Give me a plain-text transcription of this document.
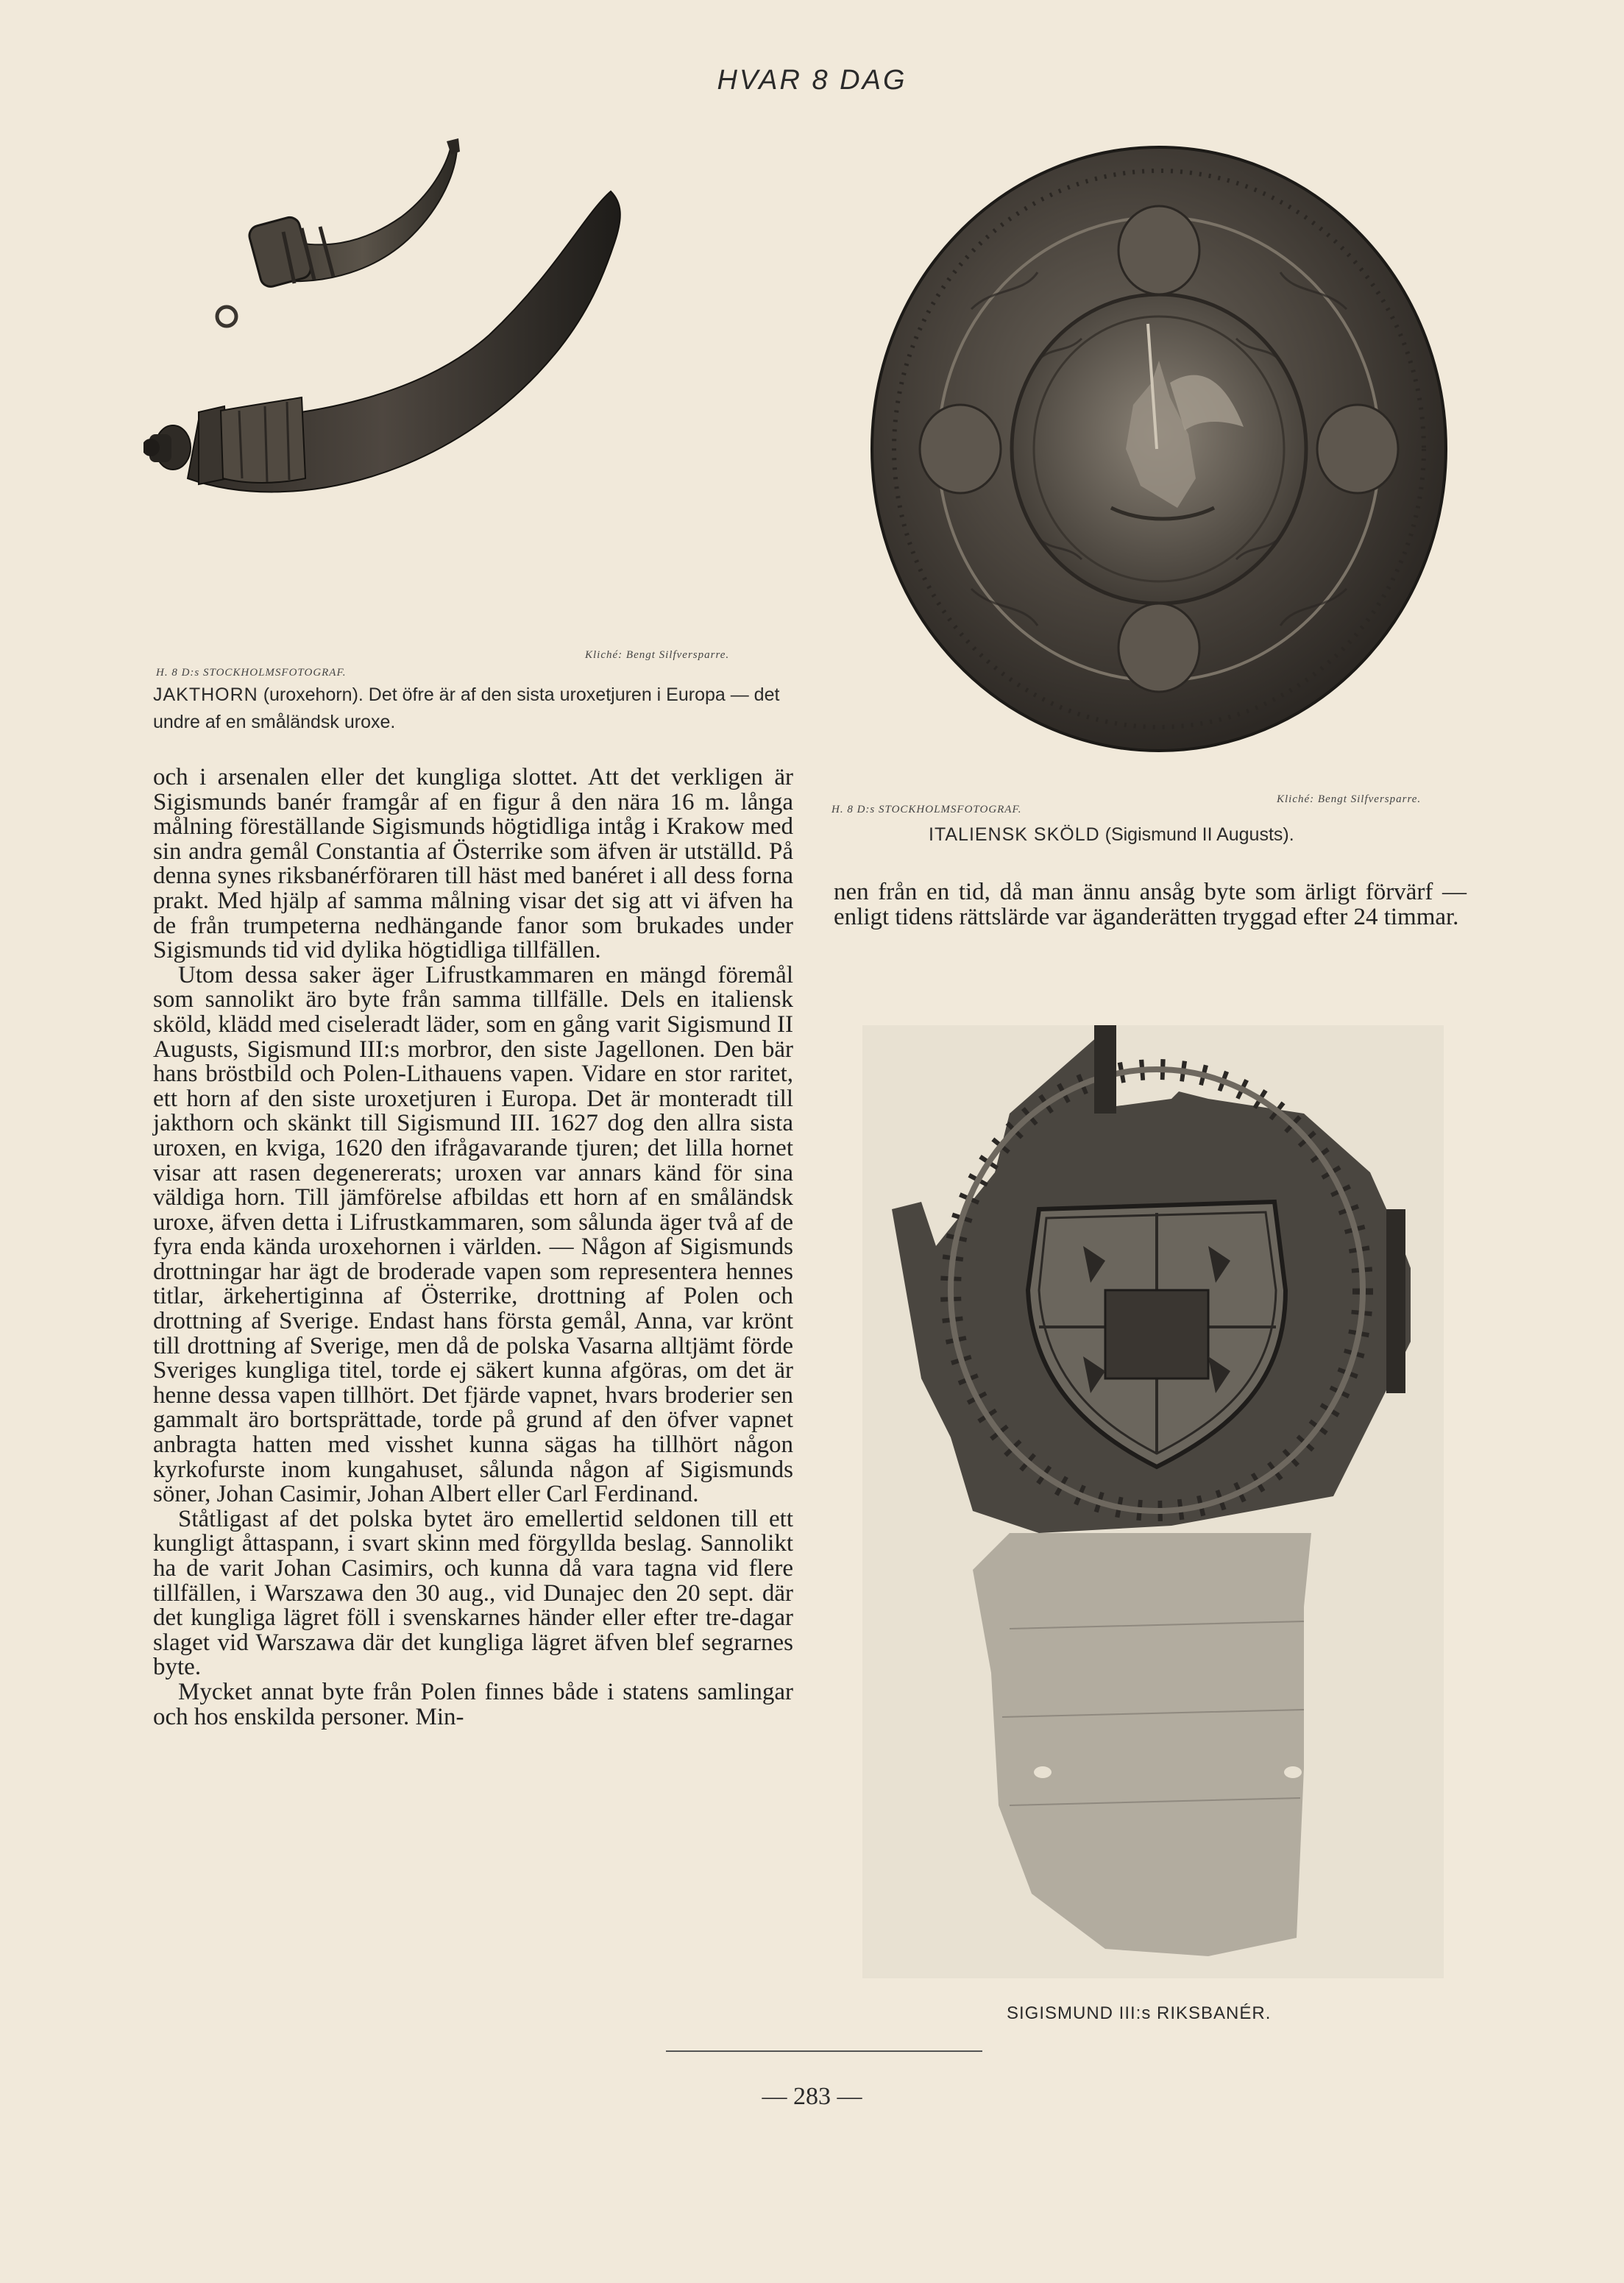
HVAR 8 DAG
H. 8 D:s STOCKHOLMSFOTOGRAF.
Kliché: Bengt Silfversparre.
JAKTHORN (uroxehorn). Det öfre är af den sista uroxetjuren i Europa — det undre af en småländsk uroxe.
H. 8 D:s STOCKHOLMSFOTOGRAF.
Kliché: Bengt Silfversparre.
ITALIENSK SKÖLD (Sigismund II Augusts).

och i arsenalen eller det kungliga slottet. Att det verkligen är Sigismunds banér framgår af en figur å den nära 16 m. långa målning föreställande Sigismunds högtidliga intåg i Krakow med sin andra gemål Constantia af Österrike som äfven är utställd. På denna synes riksbanérföraren till häst med banéret i all dess forna prakt. Med hjälp af samma målning visar det sig att vi äfven ha de från trumpeterna nedhängande fanor som brukades under Sigismunds tid vid dylika högtidliga tillfällen.

Utom dessa saker äger Lifrustkammaren en mängd föremål som sannolikt äro byte från samma tillfälle. Dels en italiensk sköld, klädd med ciseleradt läder, som en gång varit Sigismund II Augusts, Sigismund III:s morbror, den siste Jagellonen. Den bär hans bröstbild och Polen-Lithauens vapen. Vidare en stor raritet, ett horn af den siste uroxetjuren i Europa. Det är monteradt till jakthorn och skänkt till Sigismund III. 1627 dog den allra sista uroxen, en kviga, 1620 den ifrågavarande tjuren; det lilla hornet visar att rasen degenererats; uroxen var annars känd för sina väldiga horn. Till jämförelse afbildas ett horn af en småländsk uroxe, äfven detta i Lifrustkammaren, som sålunda äger två af de fyra enda kända uroxehornen i världen. — Någon af Sigismunds drottningar har ägt de broderade vapen som representera hennes titlar, ärkehertiginna af Österrike, drottning af Polen och drottning af Sverige. Endast hans första gemål, Anna, var krönt till drottning af Sverige, men då de polska Vasarna alltjämt förde Sveriges kungliga titel, torde ej säkert kunna afgöras, om det är henne dessa vapen tillhört. Det fjärde vapnet, hvars broderier sen gammalt äro bortsprättade, torde på grund af den öfver vapnet anbragta hatten med visshet kunna sägas ha tillhört någon kyrkofurste inom kungahuset, sålunda någon af Sigismunds söner, Johan Casimir, Johan Albert eller Carl Ferdinand.

Ståtligast af det polska bytet äro emellertid seldonen till ett kungligt åttaspann, i svart skinn med förgyllda beslag. Sannolikt ha de varit Johan Casimirs, och kunna då vara tagna vid flere tillfällen, i Warszawa den 30 aug., vid Dunajec den 20 sept. där det kungliga lägret föll i svenskarnes händer eller efter tre-dagar slaget vid Warszawa där det kungliga lägret äfven blef segrarnes byte.

Mycket annat byte från Polen finnes både i statens samlingar och hos enskilda personer. Min-

nen från en tid, då man ännu ansåg byte som ärligt förvärf — enligt tidens rättslärde var äganderätten tryggad efter 24 timmar.

SIGISMUND III:s RIKSBANÉR.
— 283 —
